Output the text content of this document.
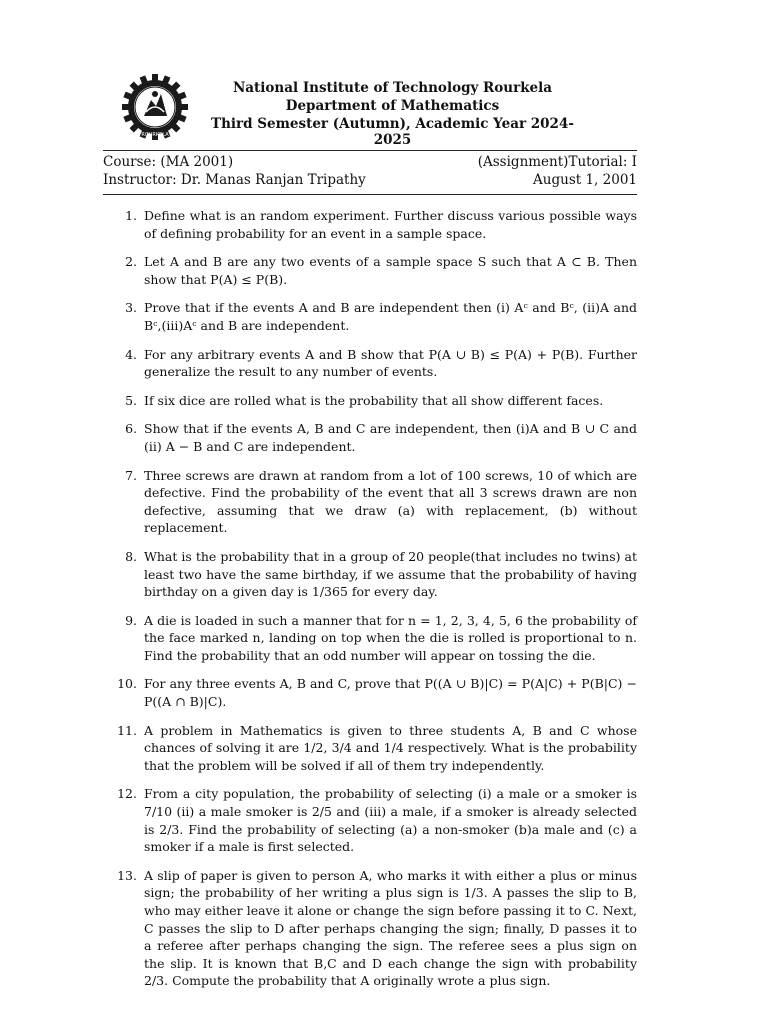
ROURKELA
National Institute of Technology Rourkela
Department of Mathematics
Third Semester (Autumn), Academic Year 2024-2025
Course: (MA 2001)
Instructor: Dr. Manas Ranjan Tripathy
(Assignment)Tutorial: I
August 1, 2001
1. Define what is an random experiment. Further discuss various possible ways of defining probability for an event in a sample space.
2. Let A and B are any two events of a sample space S such that A ⊂ B. Then show that P(A) ≤ P(B).
3. Prove that if the events A and B are independent then (i) Aᶜ and Bᶜ, (ii)A and Bᶜ,(iii)Aᶜ and B are independent.
4. For any arbitrary events A and B show that P(A ∪ B) ≤ P(A) + P(B). Further generalize the result to any number of events.
5. If six dice are rolled what is the probability that all show different faces.
6. Show that if the events A, B and C are independent, then (i)A and B ∪ C and (ii) A − B and C are independent.
7. Three screws are drawn at random from a lot of 100 screws, 10 of which are defective. Find the probability of the event that all 3 screws drawn are non defective, assuming that we draw (a) with replacement, (b) without replacement.
8. What is the probability that in a group of 20 people(that includes no twins) at least two have the same birthday, if we assume that the probability of having birthday on a given day is 1/365 for every day.
9. A die is loaded in such a manner that for n = 1, 2, 3, 4, 5, 6 the probability of the face marked n, landing on top when the die is rolled is proportional to n. Find the probability that an odd number will appear on tossing the die.
10. For any three events A, B and C, prove that P((A ∪ B)|C) = P(A|C) + P(B|C) − P((A ∩ B)|C).
11. A problem in Mathematics is given to three students A, B and C whose chances of solving it are 1/2, 3/4 and 1/4 respectively. What is the probability that the problem will be solved if all of them try independently.
12. From a city population, the probability of selecting (i) a male or a smoker is 7/10 (ii) a male smoker is 2/5 and (iii) a male, if a smoker is already selected is 2/3. Find the probability of selecting (a) a non-smoker (b)a male and (c) a smoker if a male is first selected.
13. A slip of paper is given to person A, who marks it with either a plus or minus sign; the probability of her writing a plus sign is 1/3. A passes the slip to B, who may either leave it alone or change the sign before passing it to C. Next, C passes the slip to D after perhaps changing the sign; finally, D passes it to a referee after perhaps changing the sign. The referee sees a plus sign on the slip. It is known that B,C and D each change the sign with probability 2/3. Compute the probability that A originally wrote a plus sign.
